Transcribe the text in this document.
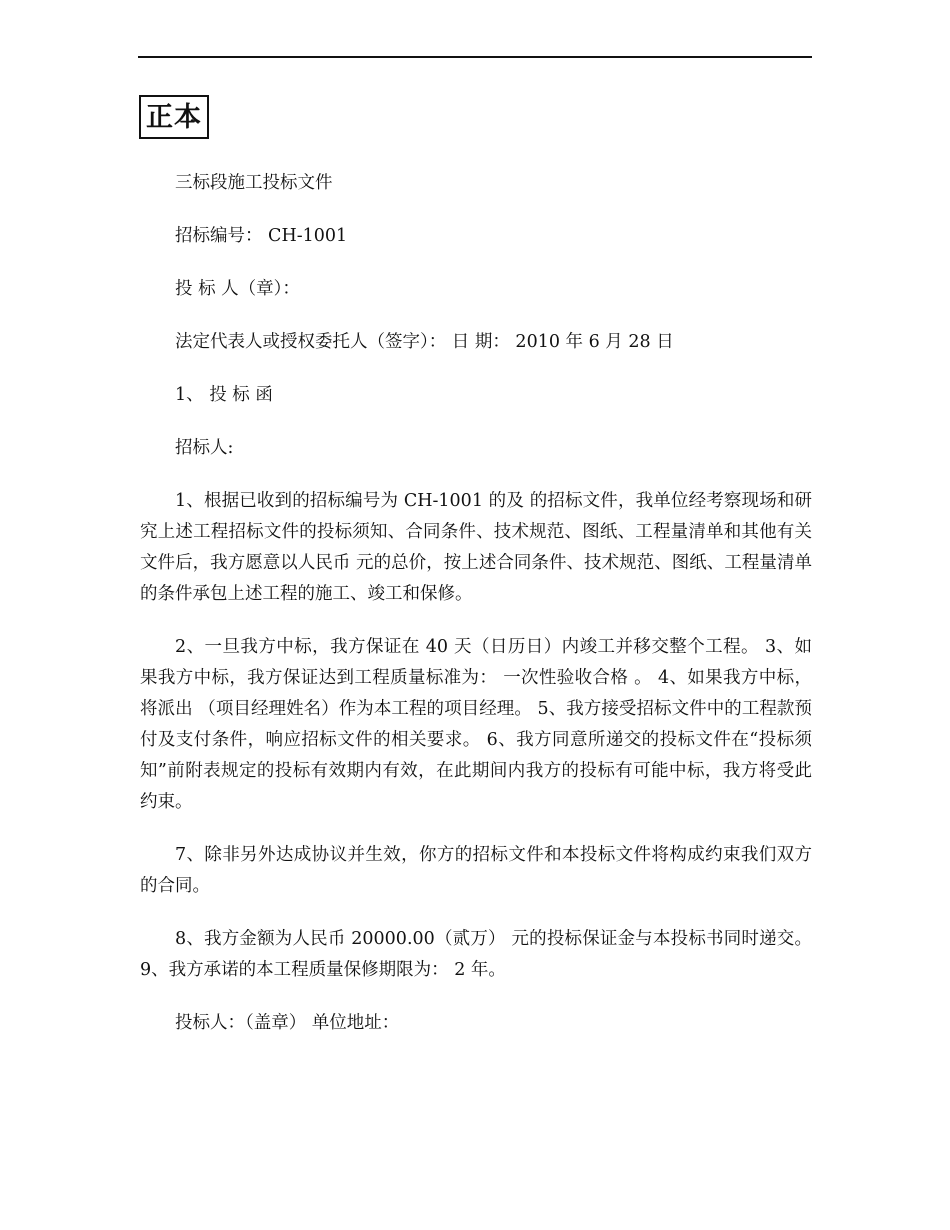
正本

三标段施工投标文件

招标编号： CH-1001

投 标 人（章）：

法定代表人或授权委托人（签字）： 日 期： 2010 年 6 月 28 日

1、 投 标 函

招标人:

1、根据已收到的招标编号为 CH-1001 的及 的招标文件，我单位经考察现场和研究上述工程招标文件的投标须知、合同条件、技术规范、图纸、工程量清单和其他有关文件后，我方愿意以人民币 元的总价，按上述合同条件、技术规范、图纸、工程量清单的条件承包上述工程的施工、竣工和保修。

2、一旦我方中标，我方保证在 40 天（日历日）内竣工并移交整个工程。 3、如果我方中标，我方保证达到工程质量标准为： 一次性验收合格 。 4、如果我方中标，将派出 （项目经理姓名）作为本工程的项目经理。 5、我方接受招标文件中的工程款预付及支付条件，响应招标文件的相关要求。 6、我方同意所递交的投标文件在“投标须知”前附表规定的投标有效期内有效，在此期间内我方的投标有可能中标，我方将受此约束。

7、除非另外达成协议并生效，你方的招标文件和本投标文件将构成约束我们双方的合同。

8、我方金额为人民币 20000.00（贰万） 元的投标保证金与本投标书同时递交。 9、我方承诺的本工程质量保修期限为： 2 年。

投标人：（盖章） 单位地址：
